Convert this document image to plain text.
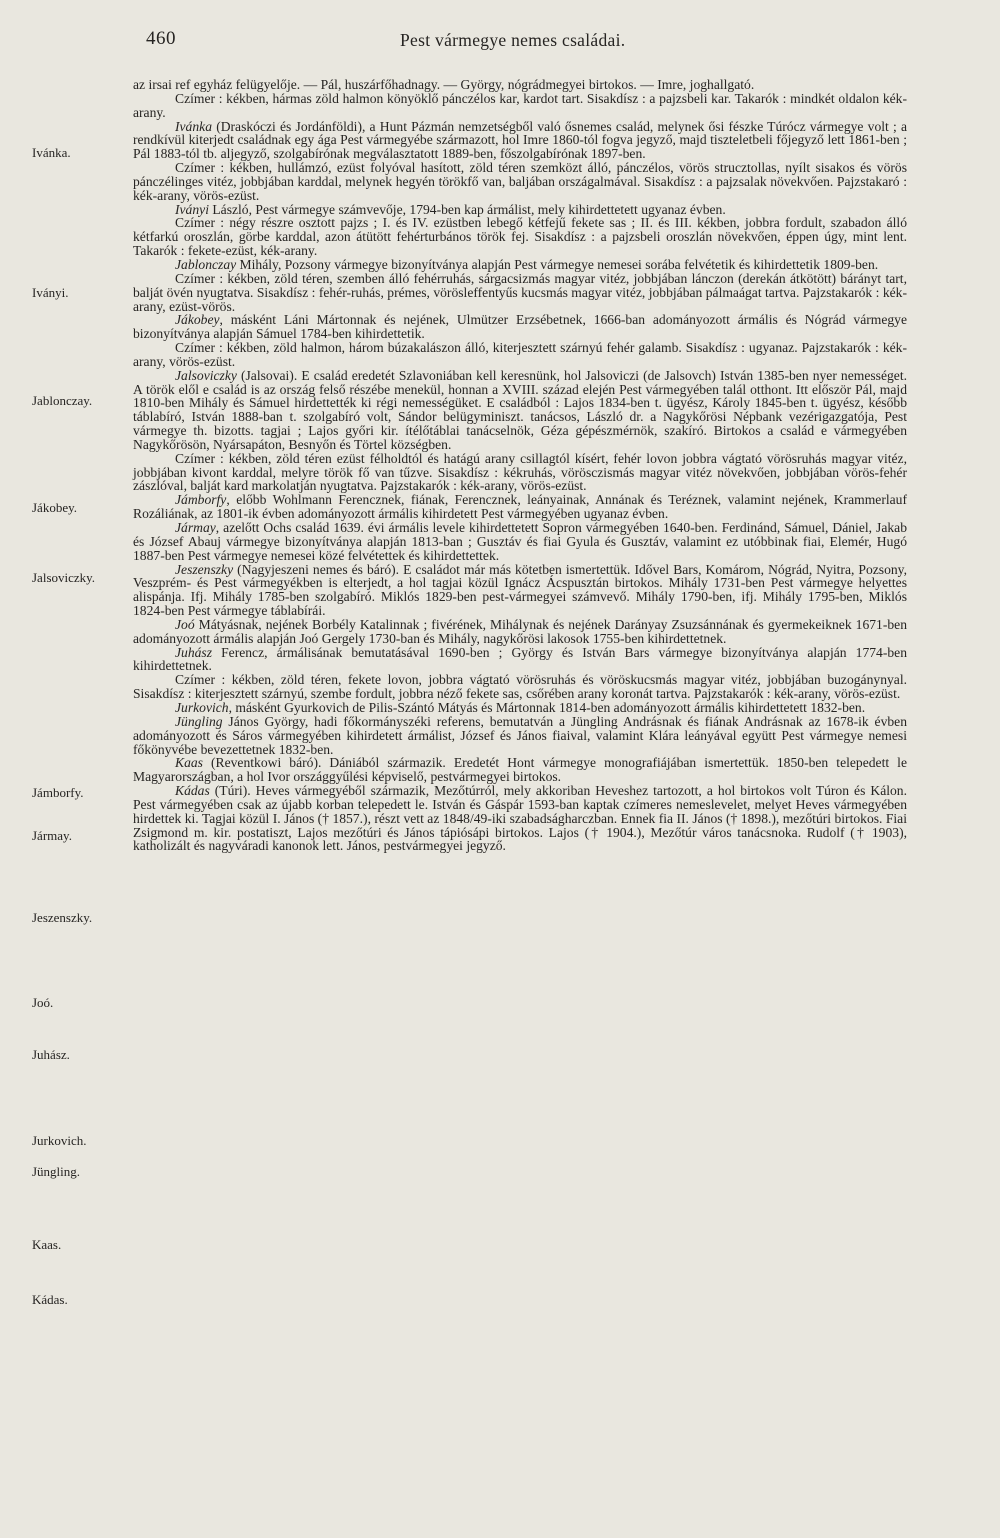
460	Pest vármegye nemes családai.
Ivánka.
Iványi.
Jablonczay.
Jákobey.
Jalsoviczky.
Jámborfy.
Jármay.
Jeszenszky.
Joó.
Juhász.
Jurkovich.
Jüngling.
Kaas.
Kádas.

az irsai ref egyház felügyelője. — Pál, huszárfőhadnagy. — György, nógrádmegyei birtokos. — Imre, joghallgató.

Czímer : kékben, hármas zöld halmon könyöklő pánczélos kar, kardot tart. Sisakdísz : a pajzsbeli kar. Takarók : mindkét oldalon kék-arany.

Ivánka (Draskóczi és Jordánföldi), a Hunt Pázmán nemzetségből való ősnemes család, melynek ősi fészke Túrócz vármegye volt ; a rendkívül kiterjedt családnak egy ága Pest vármegyébe származott, hol Imre 1860-tól fogva jegyző, majd tiszteletbeli főjegyző lett 1861-ben ; Pál 1883-tól tb. aljegyző, szolgabírónak megválasztatott 1889-ben, főszolgabírónak 1897-ben.

Czímer : kékben, hullámzó, ezüst folyóval hasított, zöld téren szemközt álló, pánczélos, vörös strucztollas, nyílt sisakos és vörös pánczélinges vitéz, jobbjában karddal, melynek hegyén törökfő van, baljában országalmával. Sisakdísz : a pajzsalak növekvően. Pajzstakaró : kék-arany, vörös-ezüst.

Iványi László, Pest vármegye számvevője, 1794-ben kap ármálist, mely kihirdettetett ugyanaz évben.

Czímer : négy részre osztott pajzs ; I. és IV. ezüstben lebegő kétfejű fekete sas ; II. és III. kékben, jobbra fordult, szabadon álló kétfarkú oroszlán, görbe karddal, azon átütött fehérturbános török fej. Sisakdísz : a pajzsbeli oroszlán növekvően, éppen úgy, mint lent. Takarók : fekete-ezüst, kék-arany.

Jablonczay Mihály, Pozsony vármegye bizonyítványa alapján Pest vármegye nemesei sorába felvétetik és kihirdettetik 1809-ben.

Czímer : kékben, zöld téren, szemben álló fehérruhás, sárgacsizmás magyar vitéz, jobbjában lánczon (derekán átkötött) bárányt tart, balját övén nyugtatva. Sisakdísz : fehér-ruhás, prémes, vörösleffentyűs kucsmás magyar vitéz, jobbjában pálmaágat tartva. Pajzstakarók : kék-arany, ezüst-vörös.

Jákobey, másként Láni Mártonnak és nejének, Ulmützer Erzsébetnek, 1666-ban adományozott ármális és Nógrád vármegye bizonyítványa alapján Sámuel 1784-ben kihirdettetik.

Czímer : kékben, zöld halmon, három búzakalászon álló, kiterjesztett szárnyú fehér galamb. Sisakdísz : ugyanaz. Pajzstakarók : kék-arany, vörös-ezüst.

Jalsoviczky (Jalsovai). E család eredetét Szlavoniában kell keresnünk, hol Jalsoviczi (de Jalsovch) István 1385-ben nyer nemességet. A török elől e család is az ország felső részébe menekül, honnan a XVIII. század elején Pest vármegyében talál otthont. Itt először Pál, majd 1810-ben Mihály és Sámuel hirdettették ki régi nemességüket. E családból : Lajos 1834-ben t. ügyész, Károly 1845-ben t. ügyész, később táblabíró, István 1888-ban t. szolgabíró volt, Sándor belügyminiszt. tanácsos, László dr. a Nagykőrösi Népbank vezérigazgatója, Pest vármegye th. bizotts. tagjai ; Lajos győri kir. ítélőtáblai tanácselnök, Géza gépészmérnök, szakíró. Birtokos a család e vármegyében Nagykőrösön, Nyársapáton, Besnyőn és Törtel községben.

Czímer : kékben, zöld téren ezüst félholdtól és hatágú arany csillagtól kísért, fehér lovon jobbra vágtató vörösruhás magyar vitéz, jobbjában kivont karddal, melyre török fő van tűzve. Sisakdísz : kékruhás, vörösczismás magyar vitéz növekvően, jobbjában vörös-fehér zászlóval, balját kard markolatján nyugtatva. Pajzstakarók : kék-arany, vörös-ezüst.

Jámborfy, előbb Wohlmann Ferencznek, fiának, Ferencznek, leányainak, Annának és Teréznek, valamint nejének, Krammerlauf Rozáliának, az 1801-ik évben adományozott ármális kihirdetett Pest vármegyében ugyanaz évben.

Jármay, azelőtt Ochs család 1639. évi ármális levele kihirdettetett Sopron vármegyében 1640-ben. Ferdinánd, Sámuel, Dániel, Jakab és József Abauj vármegye bizonyítványa alapján 1813-ban ; Gusztáv és fiai Gyula és Gusztáv, valamint ez utóbbinak fiai, Elemér, Hugó 1887-ben Pest vármegye nemesei közé felvétettek és kihirdettettek.

Jeszenszky (Nagyjeszeni nemes és báró). E családot már más kötetben ismertettük. Idővel Bars, Komárom, Nógrád, Nyitra, Pozsony, Veszprém- és Pest vármegyékben is elterjedt, a hol tagjai közül Ignácz Ácspusztán birtokos. Mihály 1731-ben Pest vármegye helyettes alispánja. Ifj. Mihály 1785-ben szolgabíró. Miklós 1829-ben pest-vármegyei számvevő. Mihály 1790-ben, ifj. Mihály 1795-ben, Miklós 1824-ben Pest vármegye táblabírái.

Joó Mátyásnak, nejének Borbély Katalinnak ; fivérének, Mihálynak és nejének Darányay Zsuzsánnának és gyermekeiknek 1671-ben adományozott ármális alapján Joó Gergely 1730-ban és Mihály, nagykőrösi lakosok 1755-ben kihirdettetnek.

Juhász Ferencz, ármálisának bemutatásával 1690-ben ; György és István Bars vármegye bizonyítványa alapján 1774-ben kihirdettetnek.

Czímer : kékben, zöld téren, fekete lovon, jobbra vágtató vörösruhás és vöröskucsmás magyar vitéz, jobbjában buzogánynyal. Sisakdísz : kiterjesztett szárnyú, szembe fordult, jobbra néző fekete sas, csőrében arany koronát tartva. Pajzstakarók : kék-arany, vörös-ezüst.

Jurkovich, másként Gyurkovich de Pilis-Szántó Mátyás és Mártonnak 1814-ben adományozott ármális kihirdettetett 1832-ben.

Jüngling János György, hadi főkormányszéki referens, bemutatván a Jüngling Andrásnak és fiának Andrásnak az 1678-ik évben adományozott és Sáros vármegyében kihirdetett ármálist, József és János fiaival, valamint Klára leányával együtt Pest vármegye nemesi főkönyvébe bevezettetnek 1832-ben.

Kaas (Reventkowi báró). Dániából származik. Eredetét Hont vármegye monografiájában ismertettük. 1850-ben telepedett le Magyarországban, a hol Ivor országgyűlési képviselő, pestvármegyei birtokos.

Kádas (Túri). Heves vármegyéből származik, Mezőtúrról, mely akkoriban Heveshez tartozott, a hol birtokos volt Túron és Kálon. Pest vármegyében csak az újabb korban telepedett le. István és Gáspár 1593-ban kaptak czímeres nemeslevelet, melyet Heves vármegyében hirdettek ki. Tagjai közül I. János († 1857.), részt vett az 1848/49-iki szabadságharczban. Ennek fia II. János († 1898.), mezőtúri birtokos. Fiai Zsigmond m. kir. postatiszt, Lajos mezőtúri és János tápiósápi birtokos. Lajos († 1904.), Mezőtúr város tanácsnoka. Rudolf († 1903), katholizált és nagyváradi kanonok lett. János, pestvármegyei jegyző.
